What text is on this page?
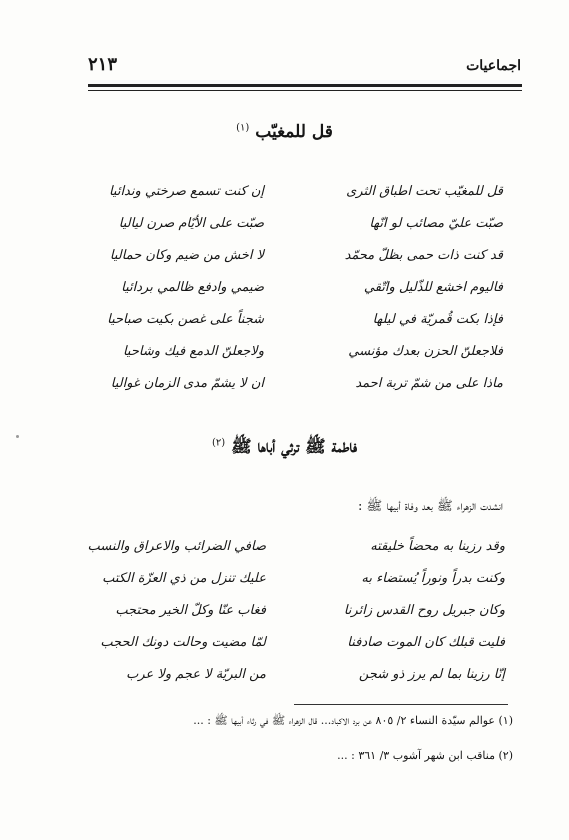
٢١٣	اجماعيات
قل للمغيّب $^{(١)}$
قل للمغيّب تحت اطباق الثرى
صبّت عليّ مصائب لو انّها
قد كنت ذات حمى بظلّ محمّد
فاليوم اخشع للذّليل واتّقي
فإذا بكت قُمريّة في ليلها
فلاجعلنّ الحزن بعدك مؤنسي
ماذا على من شمّ تربة احمد
إن كنت تسمع صرختي وندائيا
صبّت على الأيّام صرن لياليا
لا اخش من ضيم وكان حماليا
ضيمي وادفع ظالمي بردائيا
شجناً على غصن بكيت صباحيا
ولاجعلنّ الدمع فيك وشاحيا
ان لا يشمّ مدى الزمان غواليا
فاطمة ﷺ ترثي أباها ﷺ $^{(٢)}$
انشدت الزهراء ﷺ بعد وفاة أبيها ﷺ :
وقد رزينا به محضاً خليقته
وكنت بدراً ونوراً يُستضاء به
وكان جبريل روح القدس زائرنا
فليت قبلك كان الموت صادفنا
إنّا رزينا بما لم يرز ذو شجن
صافي الضرائب والاعراق والنسب
عليك تنزل من ذي العزّة الكتب
فغاب عنّا وكلّ الخير محتجب
لمّا مضيت وحالت دونك الحجب
من البريّة لا عجم ولا عرب
(١) عوالم سيّدة النساء ٢/ ٨٠٥ عن برد الاكباد... قال الزهراء ﷺ في رثاء أبيها ﷺ : ...
(٢) مناقب ابن شهر آشوب ٣/ ٣٦١ : ...
